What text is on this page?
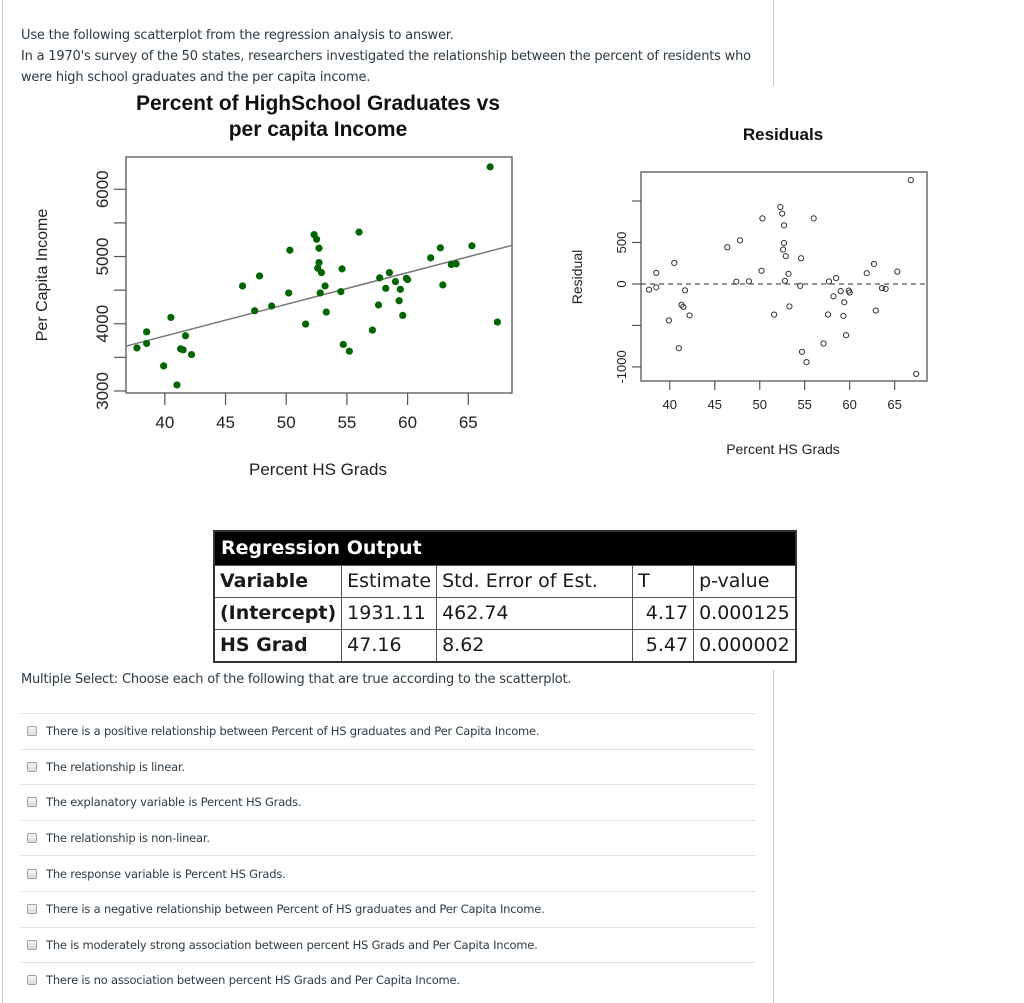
Use the following scatterplot from the regression analysis to answer.

In a 1970's survey of the 50 states, researchers investigated the relationship between the percent of residents who were high school graduates and the per capita income.

Percent of HighSchool Graduates vs
per capita Income
40 45 50 55 60 65
3000
4000
5000
6000
Percent HS Grads
Per Capita Income
Residuals
40 45 50 55 60 65
-1000
0
500
Percent HS Grads
Residual
Regression Output				
Variable	Estimate	Std. Error of Est.	T	p-value
(Intercept)	1931.11	462.74	4.17	0.000125
HS Grad	47.16	8.62	5.47	0.000002
Multiple Select: Choose each of the following that are true according to the scatterplot.
There is a positive relationship between Percent of HS graduates and Per Capita Income.
The relationship is linear.
The explanatory variable is Percent HS Grads.
The relationship is non-linear.
The response variable is Percent HS Grads.
There is a negative relationship between Percent of HS graduates and Per Capita Income.
The is moderately strong association between percent HS Grads and Per Capita Income.
There is no association between percent HS Grads and Per Capita Income.
